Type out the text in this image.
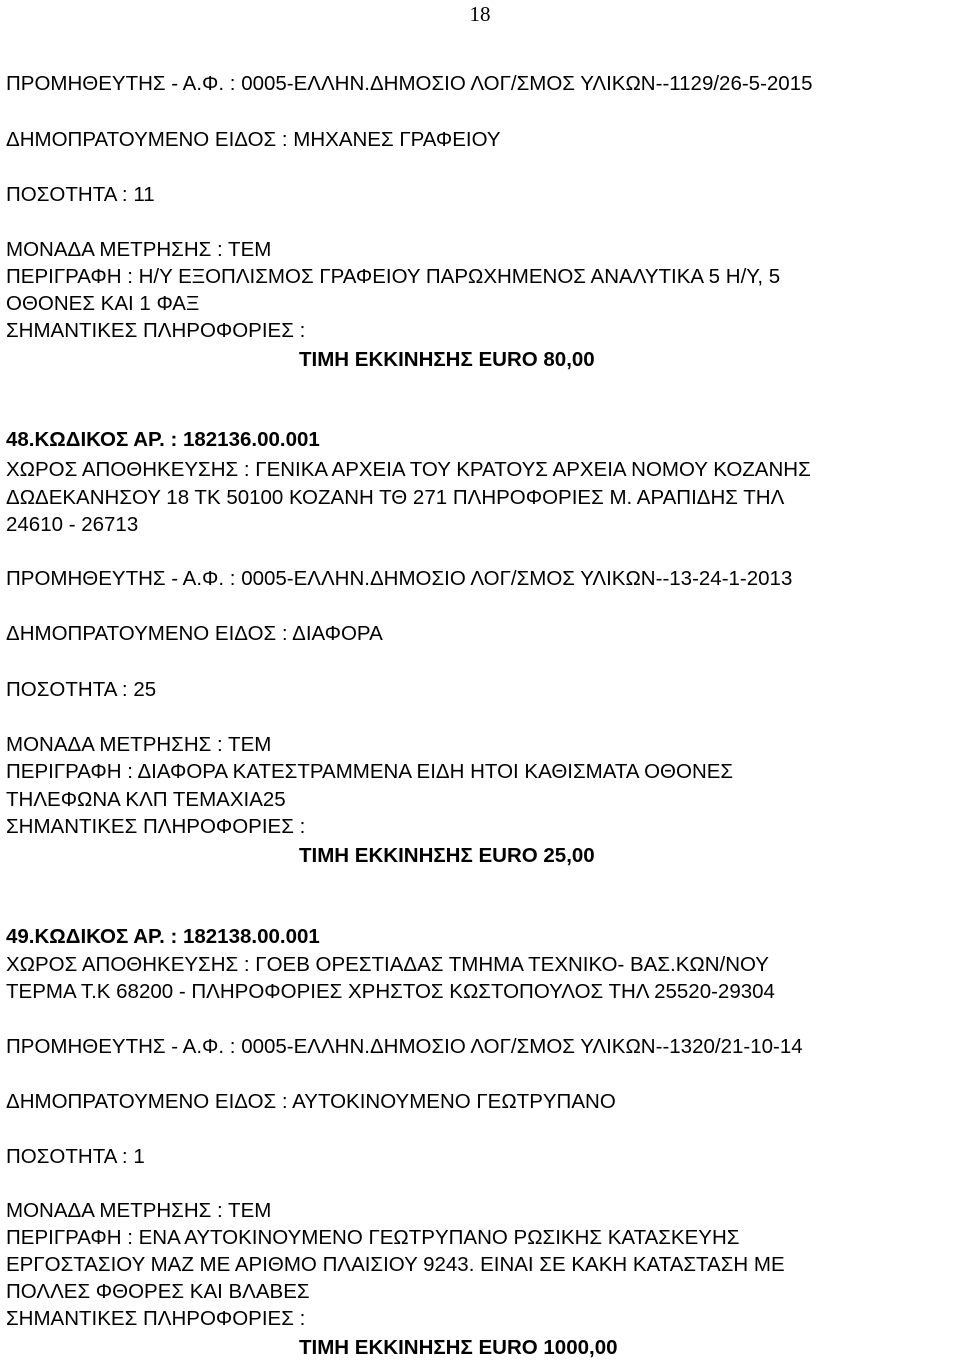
18
ΠΡΟΜΗΘΕΥΤΗΣ - Α.Φ. : 0005-ΕΛΛΗΝ.ΔΗΜΟΣΙΟ ΛΟΓ/ΣΜΟΣ ΥΛΙΚΩΝ--1129/26-5-2015
ΔΗΜΟΠΡΑΤΟΥΜΕΝΟ ΕΙΔΟΣ : ΜΗΧΑΝΕΣ ΓΡΑΦΕΙΟΥ
ΠΟΣΟΤΗΤΑ : 11
ΜΟΝΑΔΑ ΜΕΤΡΗΣΗΣ : ΤΕΜ
ΠΕΡΙΓΡΑΦΗ : Η/Υ ΕΞΟΠΛΙΣΜΟΣ ΓΡΑΦΕΙΟΥ ΠΑΡΩΧΗΜΕΝΟΣ ΑΝΑΛΥΤΙΚΑ 5 Η/Υ, 5
ΟΘΟΝΕΣ ΚΑΙ 1 ΦΑΞ
ΣΗΜΑΝΤΙΚΕΣ ΠΛΗΡΟΦΟΡΙΕΣ :
ΤΙΜΗ ΕΚΚΙΝΗΣΗΣ EURO 80,00
48.ΚΩΔΙΚΟΣ ΑΡ. : 182136.00.001
ΧΩΡΟΣ ΑΠΟΘΗΚΕΥΣΗΣ : ΓΕΝΙΚΑ ΑΡΧΕΙΑ ΤΟΥ ΚΡΑΤΟΥΣ ΑΡΧΕΙΑ ΝΟΜΟΥ ΚΟΖΑΝΗΣ
ΔΩΔΕΚΑΝΗΣΟΥ 18 ΤΚ 50100 ΚΟΖΑΝΗ ΤΘ 271 ΠΛΗΡΟΦΟΡΙΕΣ Μ. ΑΡΑΠΙΔΗΣ ΤΗΛ
24610 - 26713
ΠΡΟΜΗΘΕΥΤΗΣ - Α.Φ. : 0005-ΕΛΛΗΝ.ΔΗΜΟΣΙΟ ΛΟΓ/ΣΜΟΣ ΥΛΙΚΩΝ--13-24-1-2013
ΔΗΜΟΠΡΑΤΟΥΜΕΝΟ ΕΙΔΟΣ : ΔΙΑΦΟΡΑ
ΠΟΣΟΤΗΤΑ : 25
ΜΟΝΑΔΑ ΜΕΤΡΗΣΗΣ : ΤΕΜ
ΠΕΡΙΓΡΑΦΗ : ΔΙΑΦΟΡΑ ΚΑΤΕΣΤΡΑΜΜΕΝΑ ΕΙΔΗ ΗΤΟΙ ΚΑΘΙΣΜΑΤΑ ΟΘΟΝΕΣ
ΤΗΛΕΦΩΝΑ ΚΛΠ ΤΕΜΑΧΙΑ25
ΣΗΜΑΝΤΙΚΕΣ ΠΛΗΡΟΦΟΡΙΕΣ :
ΤΙΜΗ ΕΚΚΙΝΗΣΗΣ EURO 25,00
49.ΚΩΔΙΚΟΣ ΑΡ. : 182138.00.001
ΧΩΡΟΣ ΑΠΟΘΗΚΕΥΣΗΣ : ΓΟΕΒ ΟΡΕΣΤΙΑΔΑΣ ΤΜΗΜΑ ΤΕΧΝΙΚΟ- ΒΑΣ.ΚΩΝ/ΝΟΥ
ΤΕΡΜΑ Τ.Κ 68200 - ΠΛΗΡΟΦΟΡΙΕΣ ΧΡΗΣΤΟΣ ΚΩΣΤΟΠΟΥΛΟΣ ΤΗΛ 25520-29304
ΠΡΟΜΗΘΕΥΤΗΣ - Α.Φ. : 0005-ΕΛΛΗΝ.ΔΗΜΟΣΙΟ ΛΟΓ/ΣΜΟΣ ΥΛΙΚΩΝ--1320/21-10-14
ΔΗΜΟΠΡΑΤΟΥΜΕΝΟ ΕΙΔΟΣ : ΑΥΤΟΚΙΝΟΥΜΕΝΟ ΓΕΩΤΡΥΠΑΝΟ
ΠΟΣΟΤΗΤΑ : 1
ΜΟΝΑΔΑ ΜΕΤΡΗΣΗΣ : ΤΕΜ
ΠΕΡΙΓΡΑΦΗ : ΕΝΑ ΑΥΤΟΚΙΝΟΥΜΕΝΟ ΓΕΩΤΡΥΠΑΝΟ ΡΩΣΙΚΗΣ ΚΑΤΑΣΚΕΥΗΣ
ΕΡΓΟΣΤΑΣΙΟΥ ΜΑΖ ΜΕ ΑΡΙΘΜΟ ΠΛΑΙΣΙΟΥ 9243. ΕΙΝΑΙ ΣΕ ΚΑΚΗ ΚΑΤΑΣΤΑΣΗ ΜΕ
ΠΟΛΛΕΣ ΦΘΟΡΕΣ ΚΑΙ ΒΛΑΒΕΣ
ΣΗΜΑΝΤΙΚΕΣ ΠΛΗΡΟΦΟΡΙΕΣ :
ΤΙΜΗ ΕΚΚΙΝΗΣΗΣ EURO 1000,00
